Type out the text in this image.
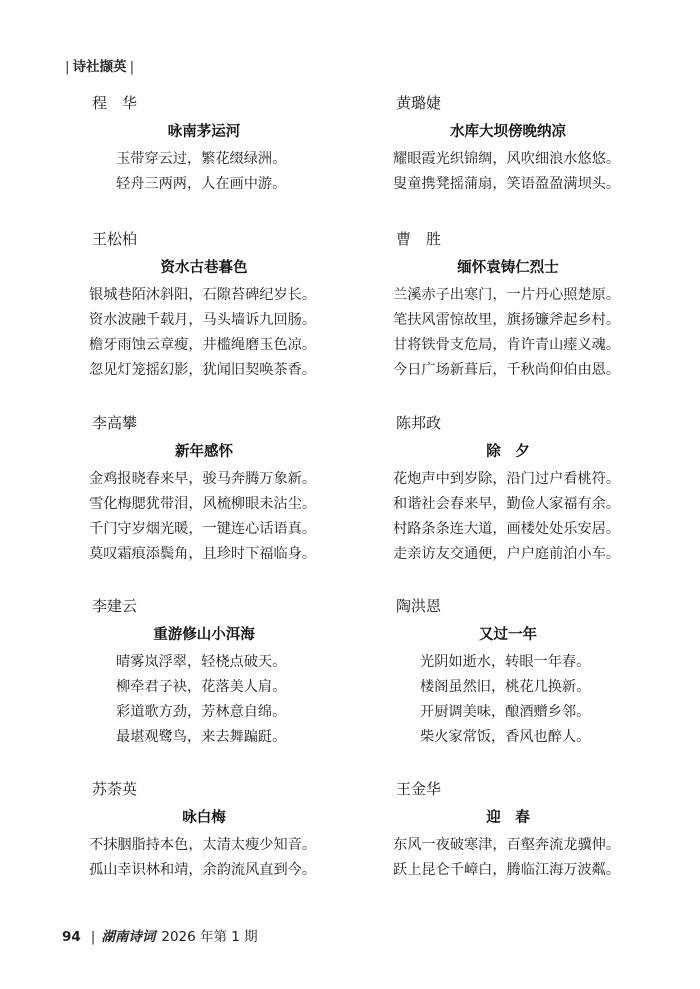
| 诗社撷英 |
程　华
咏南茅运河
玉带穿云过，繁花缀绿洲。
轻舟三两两，人在画中游。
王松柏
资水古巷暮色
银城巷陌沐斜阳，石隙苔碑纪岁长。
资水波融千载月，马头墙诉九回肠。
檐牙雨蚀云章瘦，井槛绳磨玉色凉。
忽见灯笼摇幻影，犹闻旧契唤茶香。
李高攀
新年感怀
金鸡报晓春来早，骏马奔腾万象新。
雪化梅腮犹带泪，风梳柳眼未沾尘。
千门守岁烟光暖，一键连心话语真。
莫叹霜痕添鬓角，且珍时下福临身。
李建云
重游修山小洱海
晴雾岚浮翠，轻桡点破天。
柳牵君子袂，花落美人肩。
彩道歌方劲，芳林意自绵。
最堪观鹭鸟，来去舞蹁跹。
苏荼英
咏白梅
不抹胭脂持本色，太清太瘦少知音。
孤山幸识林和靖，余韵流风直到今。
黄璐婕
水库大坝傍晚纳凉
耀眼霞光织锦绸，风吹细浪水悠悠。
叟童携凳摇蒲扇，笑语盈盈满坝头。
曹　胜
缅怀袁铸仁烈士
兰溪赤子出寒门，一片丹心照楚原。
笔扶风雷惊故里，旗扬镰斧起乡村。
甘将铁骨支危局，肯许青山瘗义魂。
今日广场新葺后，千秋尚仰伯由恩。
陈邦政
除　夕
花炮声中到岁除，沿门过户看桃符。
和谐社会春来早，勤俭人家福有余。
村路条条连大道，画楼处处乐安居。
走亲访友交通便，户户庭前泊小车。
陶洪恩
又过一年
光阴如逝水，转眼一年春。
楼阁虽然旧，桃花几换新。
开厨调美味，酿酒赠乡邻。
柴火家常饭，香风也醉人。
王金华
迎　春
东风一夜破寒津，百壑奔流龙骥伸。
跃上昆仑千嶂白，腾临江海万波粼。
94 | 湖南诗词 2026 年第 1 期
